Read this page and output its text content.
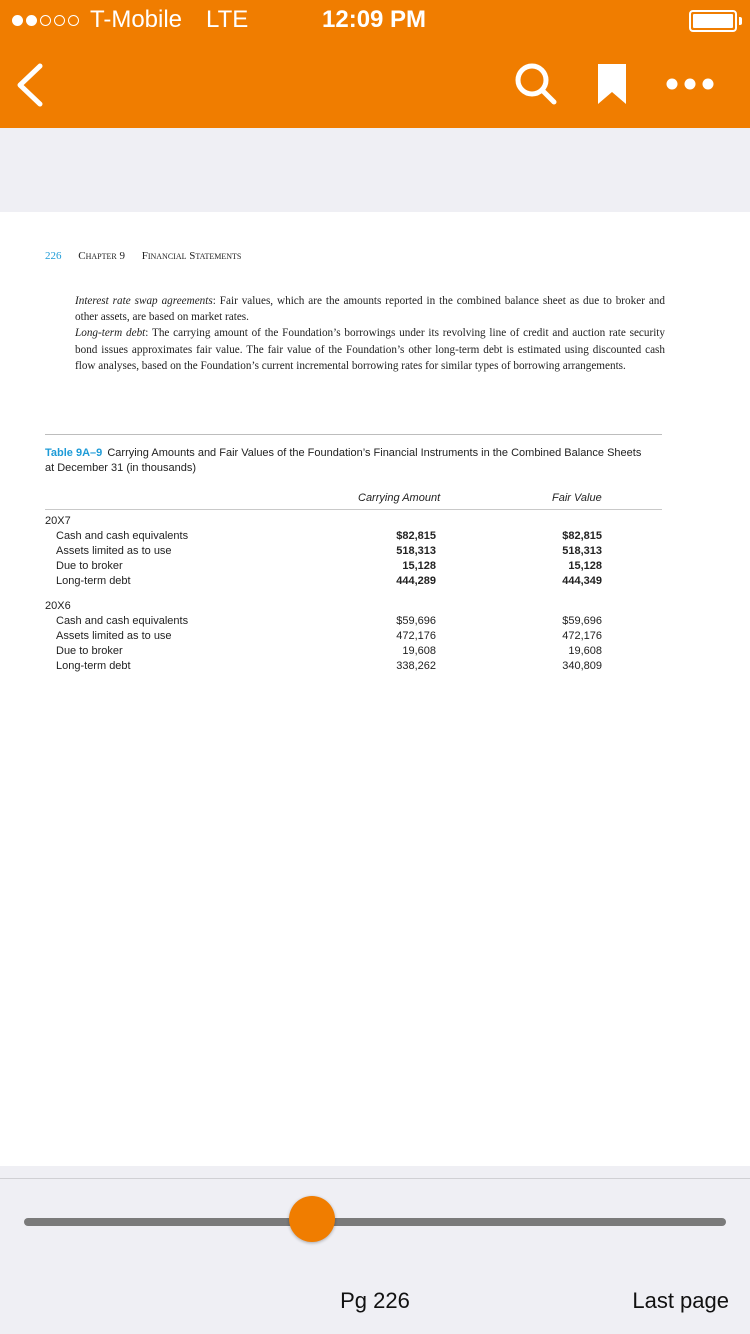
T-Mobile LTE	12:09 PM
226 Chapter 9 Financial Statements

Interest rate swap agreements: Fair values, which are the amounts reported in the combined balance sheet as due to broker and other assets, are based on market rates.

Long-term debt: The carrying amount of the Foundation’s borrowings under its revolving line of credit and auction rate security bond issues approximates fair value. The fair value of the Foundation’s other long-term debt is estimated using discounted cash flow analyses, based on the Foundation’s current incremental borrowing rates for similar types of borrowing arrangements.

Table 9A–9 Carrying Amounts and Fair Values of the Foundation’s Financial Instruments in the Combined Balance Sheets at December 31 (in thousands)
Carrying Amount	Fair Value
20X7
Cash and cash equivalents	$82,815	$82,815
Assets limited as to use	518,313	518,313
Due to broker	15,128	15,128
Long-term debt	444,289	444,349
20X6
Cash and cash equivalents	$59,696	$59,696
Assets limited as to use	472,176	472,176
Due to broker	19,608	19,608
Long-term debt	338,262	340,809
Pg 226	Last page
